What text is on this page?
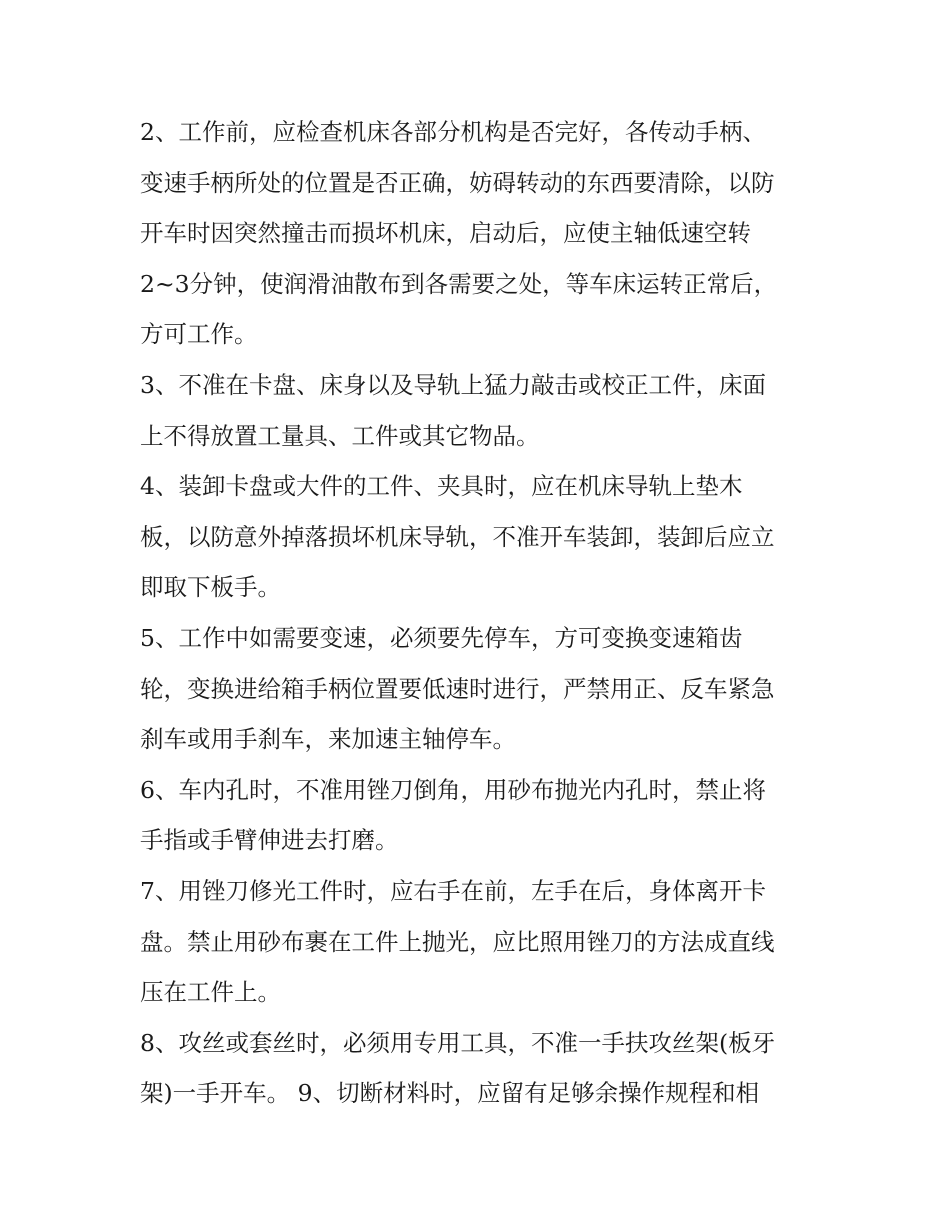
2、工作前，应检查机床各部分机构是否完好，各传动手柄、
变速手柄所处的位置是否正确，妨碍转动的东西要清除，以防
开车时因突然撞击而损坏机床，启动后，应使主轴低速空转
2~3分钟，使润滑油散布到各需要之处，等车床运转正常后，
方可工作。
3、不准在卡盘、床身以及导轨上猛力敲击或校正工件，床面
上不得放置工量具、工件或其它物品。
4、装卸卡盘或大件的工件、夹具时，应在机床导轨上垫木
板，以防意外掉落损坏机床导轨，不准开车装卸，装卸后应立
即取下板手。
5、工作中如需要变速，必须要先停车，方可变换变速箱齿
轮，变换进给箱手柄位置要低速时进行，严禁用正、反车紧急
刹车或用手刹车，来加速主轴停车。
6、车内孔时，不准用锉刀倒角，用砂布抛光内孔时，禁止将
手指或手臂伸进去打磨。
7、用锉刀修光工件时，应右手在前，左手在后，身体离开卡
盘。禁止用砂布裹在工件上抛光，应比照用锉刀的方法成直线
压在工件上。
8、攻丝或套丝时，必须用专用工具，不准一手扶攻丝架(板牙
架)一手开车。 9、切断材料时，应留有足够余操作规程和相
